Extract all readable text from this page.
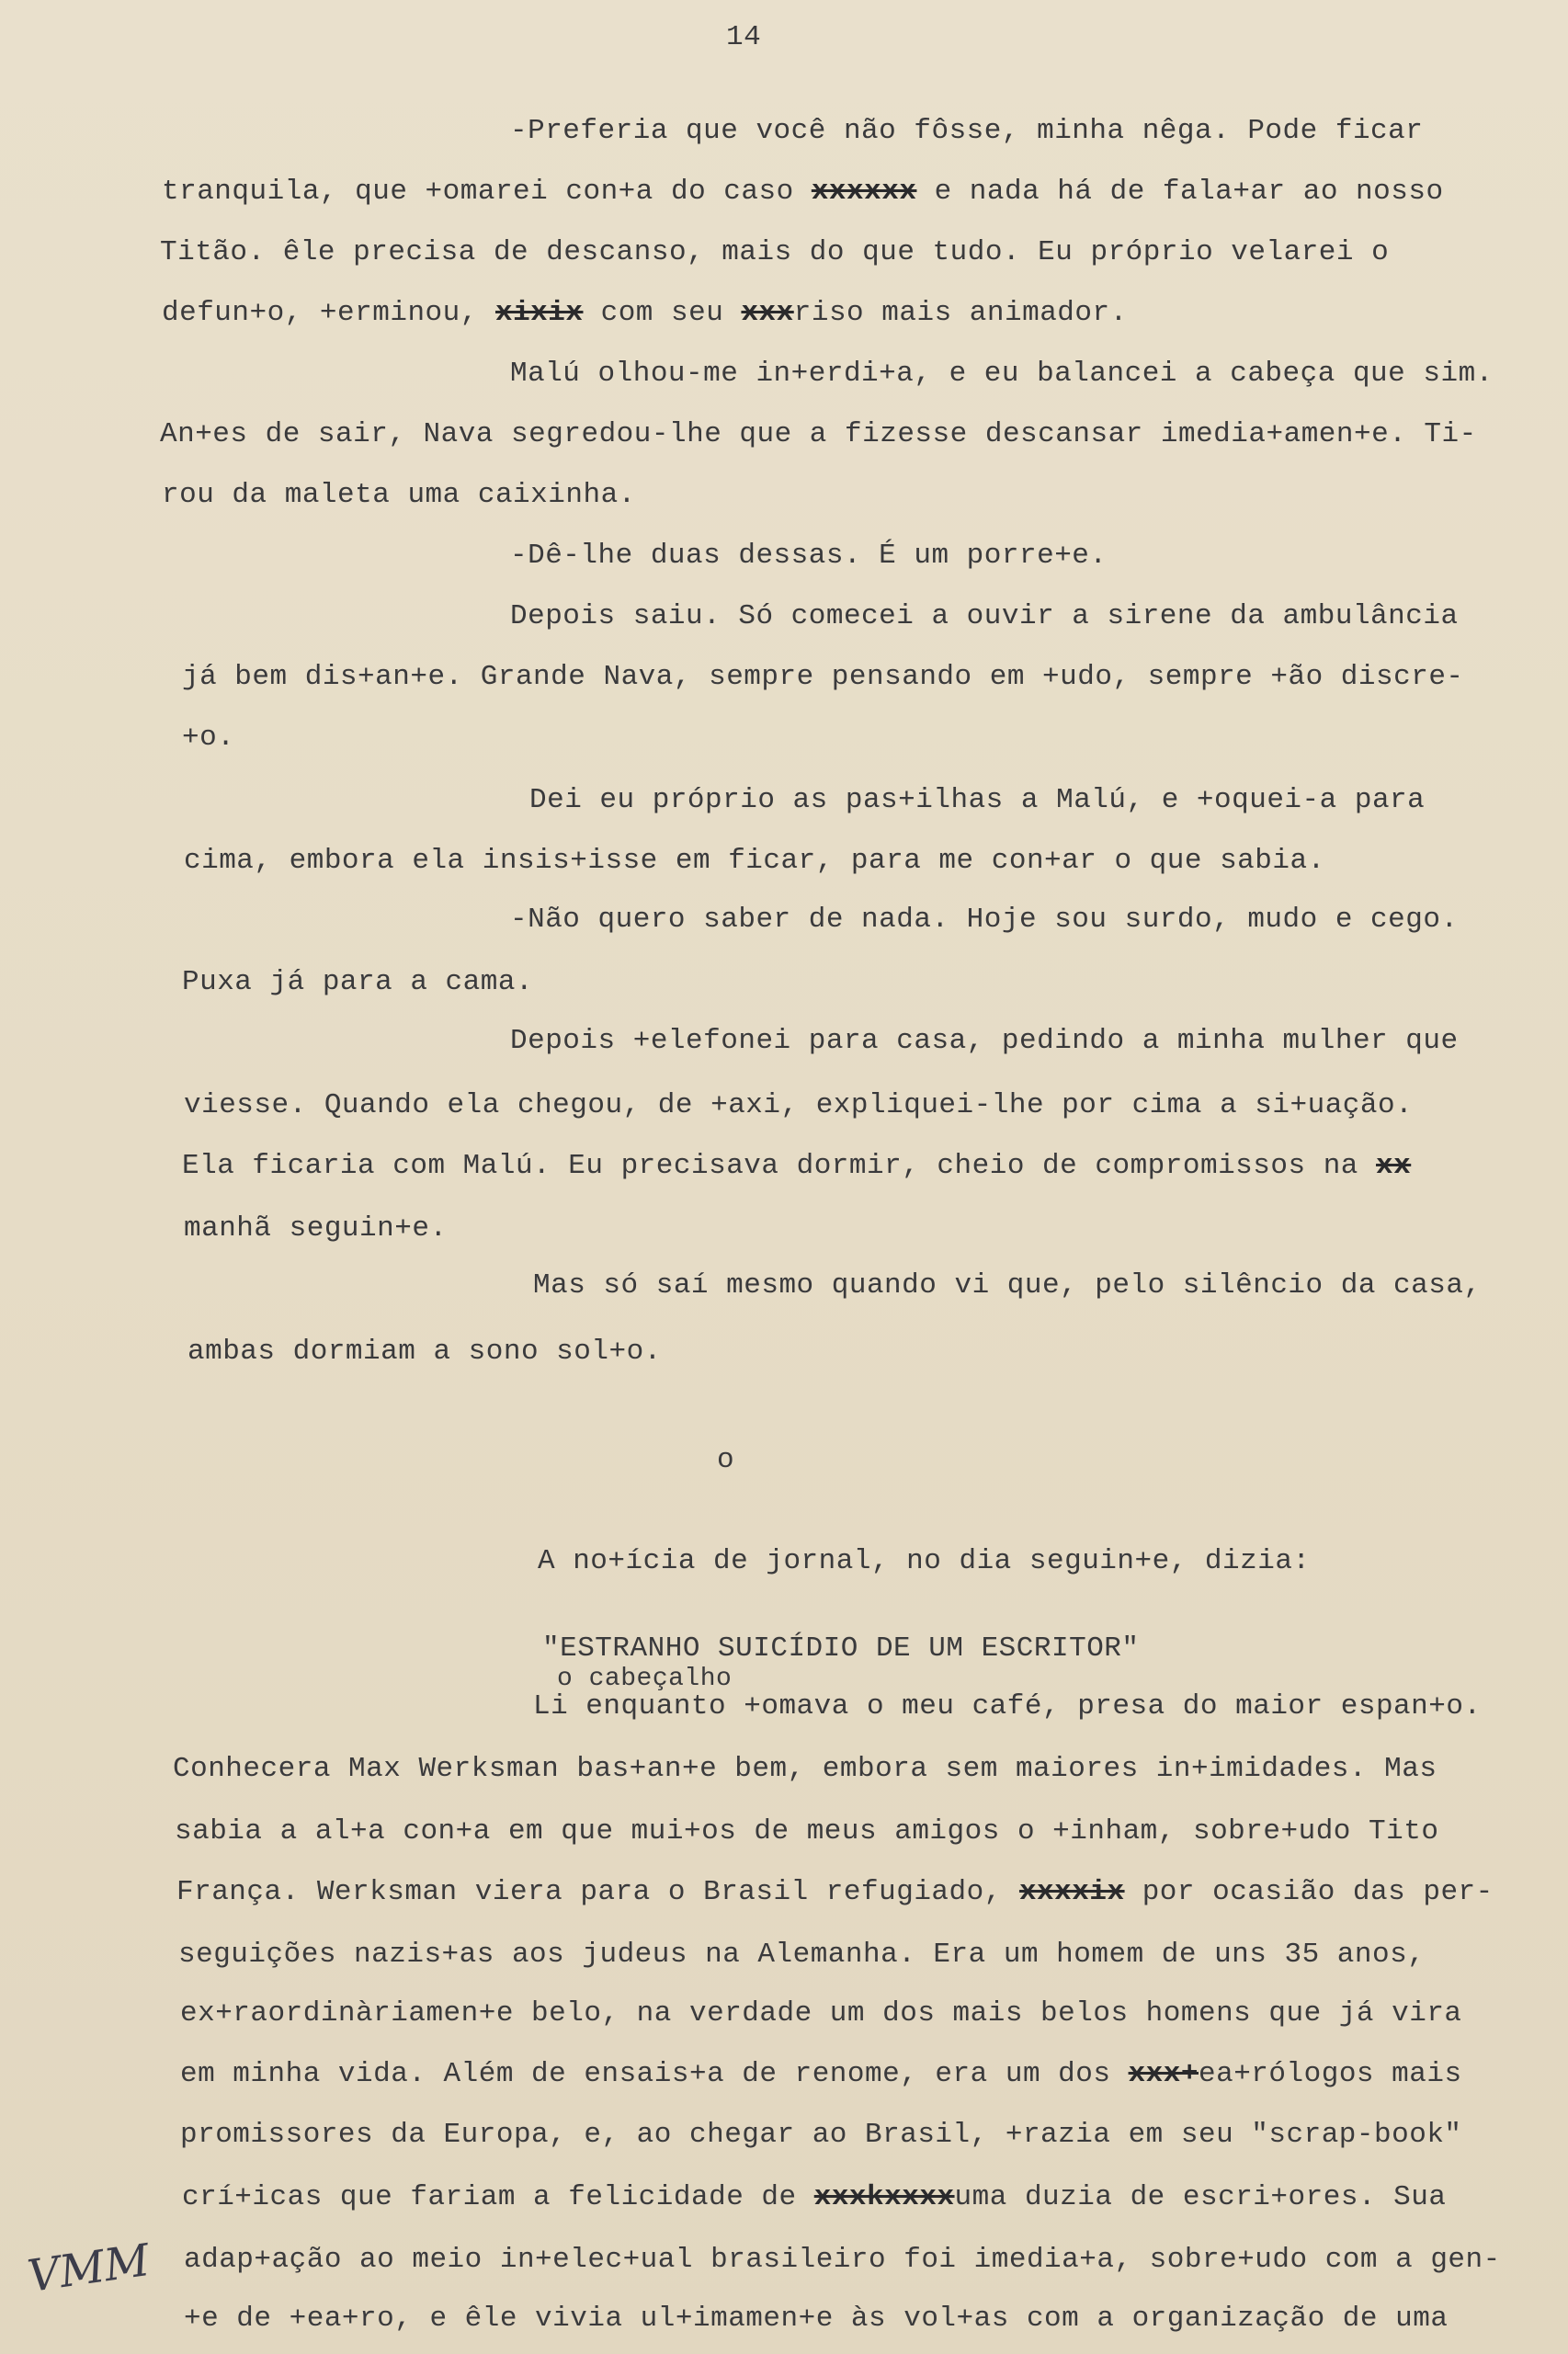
14
-Preferia que você não fôsse, minha nêga. Pode ficar
tranquila, que +omarei con+a do caso xxxxxx e nada há de fala+ar ao nosso
Titão. êle precisa de descanso, mais do que tudo. Eu próprio velarei o
defun+o, +erminou, xixix com seu xxxriso mais animador.
Malú olhou-me in+erdi+a, e eu balancei a cabeça que sim.
An+es de sair, Nava segredou-lhe que a fizesse descansar imedia+amen+e. Ti-
rou da maleta uma caixinha.
-Dê-lhe duas dessas. É um porre+e.
Depois saiu. Só comecei a ouvir a sirene da ambulância
já bem dis+an+e. Grande Nava, sempre pensando em +udo, sempre +ão discre-
+o.
Dei eu próprio as pas+ilhas a Malú, e +oquei-a para
cima, embora ela insis+isse em ficar, para me con+ar o que sabia.
-Não quero saber de nada. Hoje sou surdo, mudo e cego.
Puxa já para a cama.
Depois +elefonei para casa, pedindo a minha mulher que
viesse. Quando ela chegou, de +axi, expliquei-lhe por cima a si+uação.
Ela ficaria com Malú. Eu precisava dormir, cheio de compromissos na xx
manhã seguin+e.
Mas só saí mesmo quando vi que, pelo silêncio da casa,
ambas dormiam a sono sol+o.
o
A no+ícia de jornal, no dia seguin+e, dizia:
"ESTRANHO SUICÍDIO DE UM ESCRITOR"
o cabeçalho
Li enquanto +omava o meu café, presa do maior espan+o.
Conhecera Max Werksman bas+an+e bem, embora sem maiores in+imidades. Mas
sabia a al+a con+a em que mui+os de meus amigos o +inham, sobre+udo Tito
França. Werksman viera para o Brasil refugiado, xxxxix por ocasião das per-
seguições nazis+as aos judeus na Alemanha. Era um homem de uns 35 anos,
ex+raordinàriamen+e belo, na verdade um dos mais belos homens que já vira
em minha vida. Além de ensais+a de renome, era um dos xxx+ea+rólogos mais
promissores da Europa, e, ao chegar ao Brasil, +razia em seu "scrap-book"
crí+icas que fariam a felicidade de xxxkxxxxuma duzia de escri+ores. Sua
adap+ação ao meio in+elec+ual brasileiro foi imedia+a, sobre+udo com a gen-
+e de +ea+ro, e êle vivia ul+imamen+e às vol+as com a organização de uma
VMM
